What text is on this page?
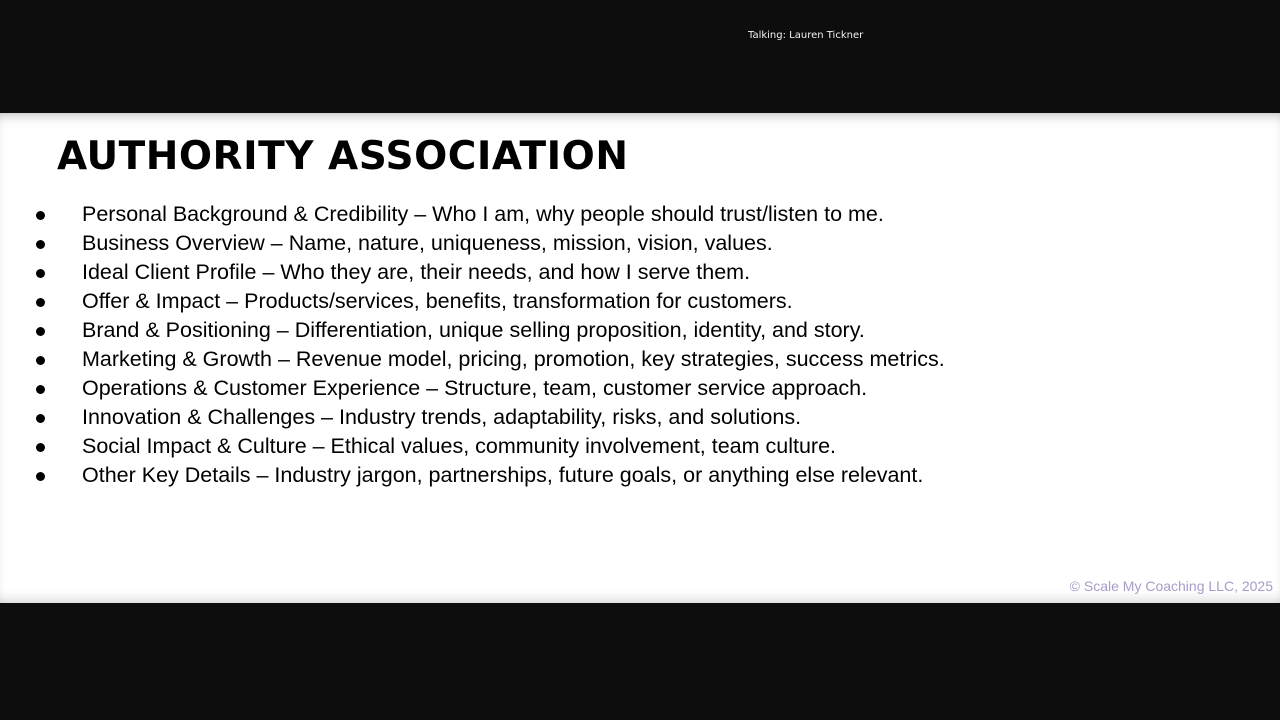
Talking: Lauren Tickner
AUTHORITY ASSOCIATION
Personal Background & Credibility – Who I am, why people should trust/listen to me.
Business Overview – Name, nature, uniqueness, mission, vision, values.
Ideal Client Profile – Who they are, their needs, and how I serve them.
Offer & Impact – Products/services, benefits, transformation for customers.
Brand & Positioning – Differentiation, unique selling proposition, identity, and story.
Marketing & Growth – Revenue model, pricing, promotion, key strategies, success metrics.
Operations & Customer Experience – Structure, team, customer service approach.
Innovation & Challenges – Industry trends, adaptability, risks, and solutions.
Social Impact & Culture – Ethical values, community involvement, team culture.
Other Key Details – Industry jargon, partnerships, future goals, or anything else relevant.
© Scale My Coaching LLC, 2025
